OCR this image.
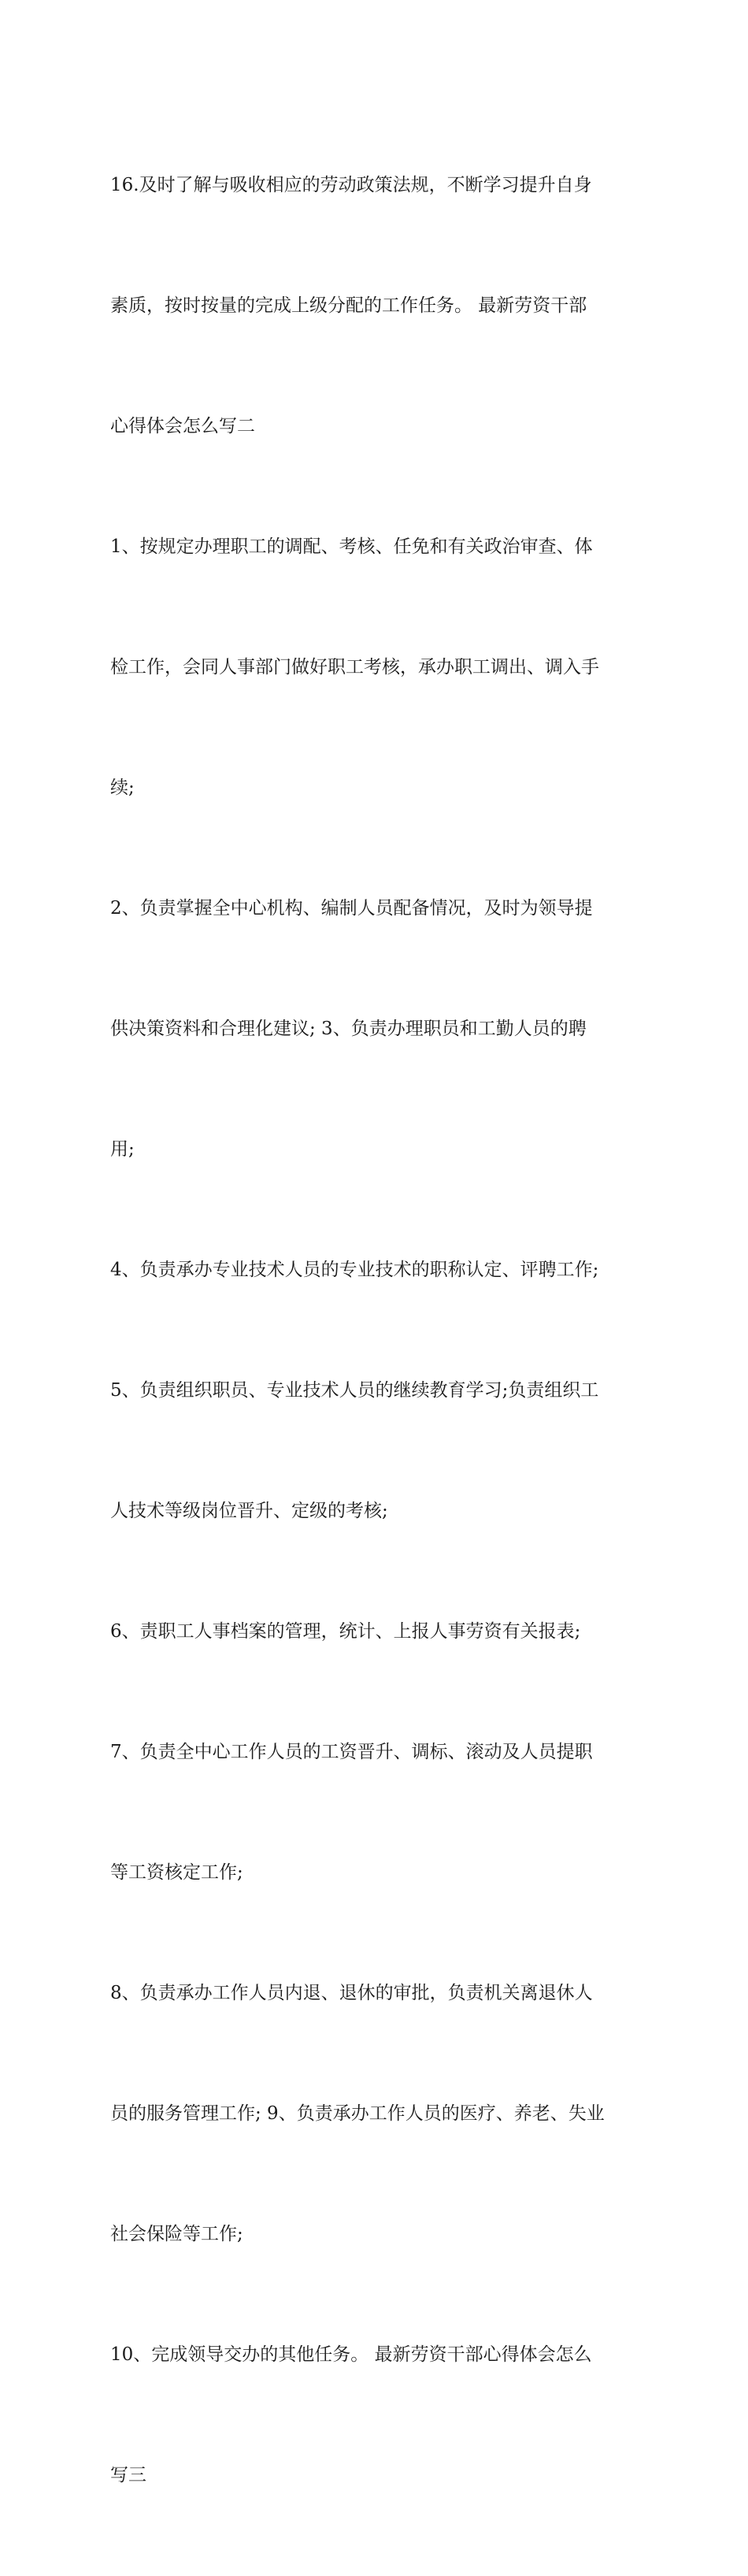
16.及时了解与吸收相应的劳动政策法规，不断学习提升自身

素质，按时按量的完成上级分配的工作任务。 最新劳资干部

心得体会怎么写二

1、按规定办理职工的调配、考核、任免和有关政治审查、体

检工作，会同人事部门做好职工考核，承办职工调出、调入手

续;

2、负责掌握全中心机构、编制人员配备情况，及时为领导提

供决策资料和合理化建议; 3、负责办理职员和工勤人员的聘

用;

4、负责承办专业技术人员的专业技术的职称认定、评聘工作;

5、负责组织职员、专业技术人员的继续教育学习;负责组织工

人技术等级岗位晋升、定级的考核;

6、责职工人事档案的管理，统计、上报人事劳资有关报表;

7、负责全中心工作人员的工资晋升、调标、滚动及人员提职

等工资核定工作;

8、负责承办工作人员内退、退休的审批，负责机关离退休人

员的服务管理工作; 9、负责承办工作人员的医疗、养老、失业

社会保险等工作;

10、完成领导交办的其他任务。 最新劳资干部心得体会怎么

写三
